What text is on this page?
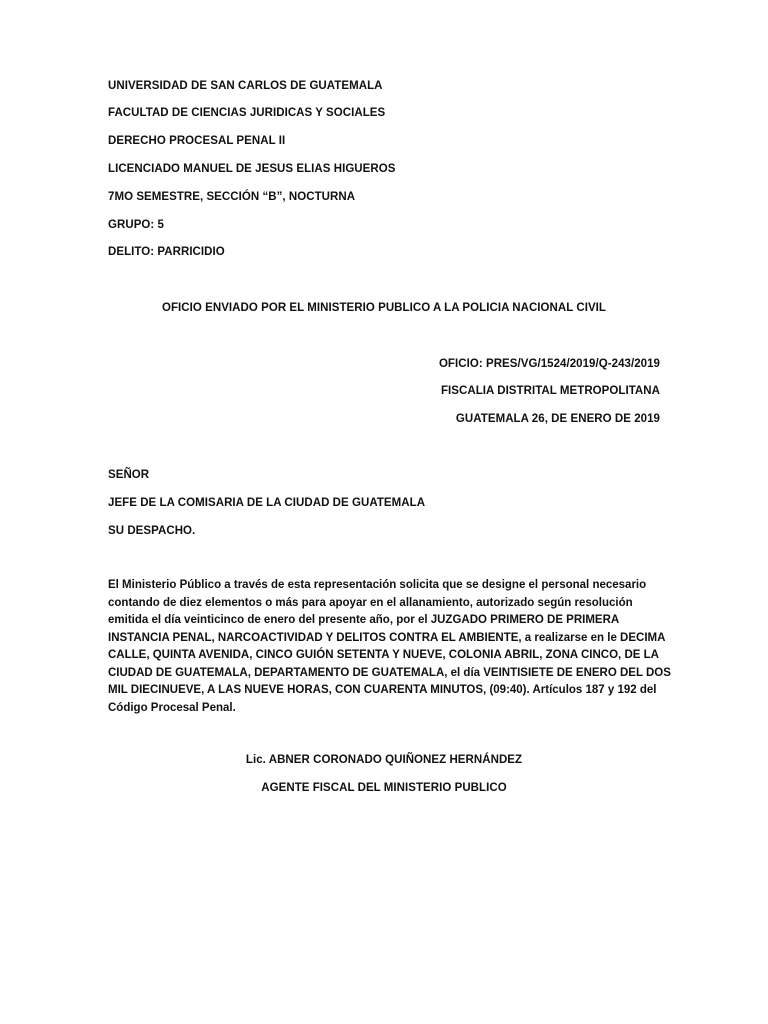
UNIVERSIDAD DE SAN CARLOS DE GUATEMALA
FACULTAD DE CIENCIAS JURIDICAS Y SOCIALES
DERECHO PROCESAL PENAL II
LICENCIADO MANUEL DE JESUS ELIAS HIGUEROS
7MO SEMESTRE, SECCIÓN “B”, NOCTURNA
GRUPO: 5
DELITO: PARRICIDIO
OFICIO ENVIADO POR EL MINISTERIO PUBLICO A LA POLICIA NACIONAL CIVIL
OFICIO: PRES/VG/1524/2019/Q-243/2019
FISCALIA DISTRITAL METROPOLITANA
GUATEMALA 26, DE ENERO DE 2019
SEÑOR
JEFE DE LA COMISARIA DE LA CIUDAD DE GUATEMALA
SU DESPACHO.
El Ministerio Público a través de esta representación solicita que se designe el personal necesario
contando de diez elementos o más para apoyar en el allanamiento, autorizado según resolución
emitida el día veinticinco de enero del presente año, por el JUZGADO PRIMERO DE PRIMERA
INSTANCIA PENAL, NARCOACTIVIDAD Y DELITOS CONTRA EL AMBIENTE, a realizarse en le DECIMA
CALLE, QUINTA AVENIDA, CINCO GUIÓN SETENTA Y NUEVE, COLONIA ABRIL, ZONA CINCO, DE LA
CIUDAD DE GUATEMALA, DEPARTAMENTO DE GUATEMALA, el día VEINTISIETE DE ENERO DEL DOS
MIL DIECINUEVE, A LAS NUEVE HORAS, CON CUARENTA MINUTOS, (09:40). Artículos 187 y 192 del
Código Procesal Penal.
Lic. ABNER CORONADO QUIÑONEZ HERNÁNDEZ
AGENTE FISCAL DEL MINISTERIO PUBLICO
